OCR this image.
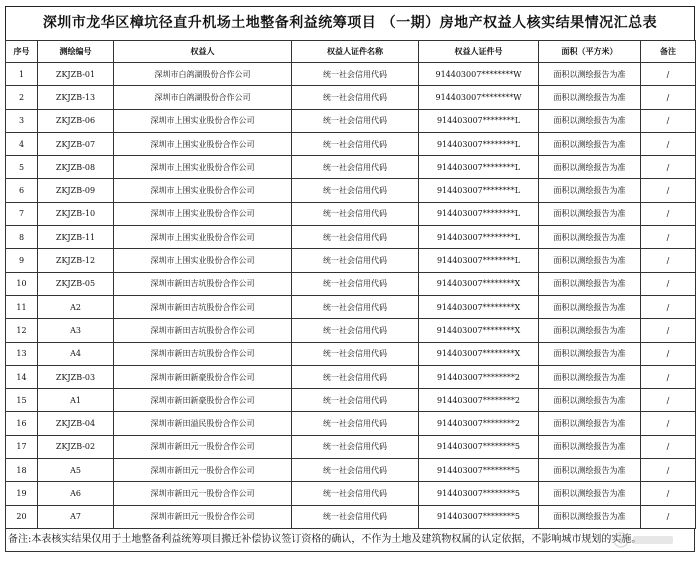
深圳市龙华区樟坑径直升机场土地整备利益统筹项目 （一期）房地产权益人核实结果情况汇总表
序号	测绘编号	权益人	权益人证件名称	权益人证件号	面积（平方米）	备注
1	ZKJZB-01	深圳市白鸽湖股份合作公司	统一社会信用代码	914403007********W	面积以测绘报告为准	/
2	ZKJZB-13	深圳市白鸽湖股份合作公司	统一社会信用代码	914403007********W	面积以测绘报告为准	/
3	ZKJZB-06	深圳市上围实业股份合作公司	统一社会信用代码	914403007********L	面积以测绘报告为准	/
4	ZKJZB-07	深圳市上围实业股份合作公司	统一社会信用代码	914403007********L	面积以测绘报告为准	/
5	ZKJZB-08	深圳市上围实业股份合作公司	统一社会信用代码	914403007********L	面积以测绘报告为准	/
6	ZKJZB-09	深圳市上围实业股份合作公司	统一社会信用代码	914403007********L	面积以测绘报告为准	/
7	ZKJZB-10	深圳市上围实业股份合作公司	统一社会信用代码	914403007********L	面积以测绘报告为准	/
8	ZKJZB-11	深圳市上围实业股份合作公司	统一社会信用代码	914403007********L	面积以测绘报告为准	/
9	ZKJZB-12	深圳市上围实业股份合作公司	统一社会信用代码	914403007********L	面积以测绘报告为准	/
10	ZKJZB-05	深圳市新田吉坑股份合作公司	统一社会信用代码	914403007********X	面积以测绘报告为准	/
11	A2	深圳市新田吉坑股份合作公司	统一社会信用代码	914403007********X	面积以测绘报告为准	/
12	A3	深圳市新田吉坑股份合作公司	统一社会信用代码	914403007********X	面积以测绘报告为准	/
13	A4	深圳市新田吉坑股份合作公司	统一社会信用代码	914403007********X	面积以测绘报告为准	/
14	ZKJZB-03	深圳市新田新豪股份合作公司	统一社会信用代码	914403007********2	面积以测绘报告为准	/
15	A1	深圳市新田新豪股份合作公司	统一社会信用代码	914403007********2	面积以测绘报告为准	/
16	ZKJZB-04	深圳市新田溢民股份合作公司	统一社会信用代码	914403007********2	面积以测绘报告为准	/
17	ZKJZB-02	深圳市新田元一股份合作公司	统一社会信用代码	914403007********5	面积以测绘报告为准	/
18	A5	深圳市新田元一股份合作公司	统一社会信用代码	914403007********5	面积以测绘报告为准	/
19	A6	深圳市新田元一股份合作公司	统一社会信用代码	914403007********5	面积以测绘报告为准	/
20	A7	深圳市新田元一股份合作公司	统一社会信用代码	914403007********5	面积以测绘报告为准	/
备注:本表核实结果仅用于土地整备利益统筹项目搬迁补偿协议签订资格的确认，不作为土地及建筑物权属的认定依据，不影响城市规划的实施。
